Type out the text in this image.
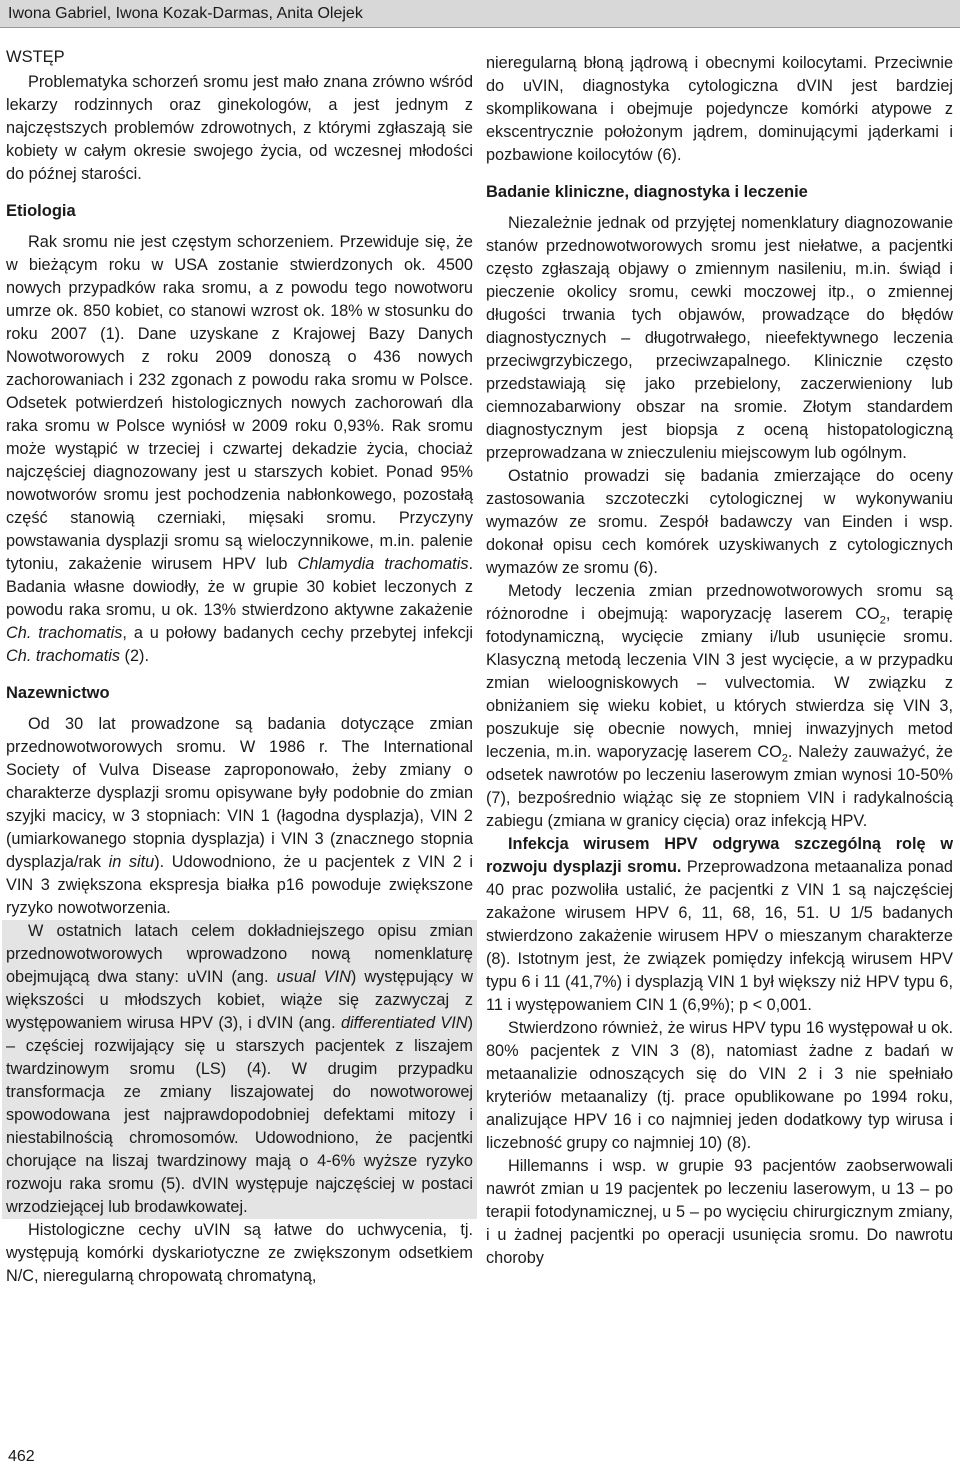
Iwona Gabriel, Iwona Kozak-Darmas, Anita Olejek
WSTĘP

Problematyka schorzeń sromu jest mało znana zrówno wśród lekarzy rodzinnych oraz ginekologów, a jest jednym z najczęstszych problemów zdrowotnych, z którymi zgłaszają sie kobiety w całym okresie swojego życia, od wczesnej młodości do późnej starości.

Etiologia

Rak sromu nie jest częstym schorzeniem. Przewiduje się, że w bieżącym roku w USA zostanie stwierdzonych ok. 4500 nowych przypadków raka sromu, a z powodu tego nowotworu umrze ok. 850 kobiet, co stanowi wzrost ok. 18% w stosunku do roku 2007 (1). Dane uzyskane z Krajowej Bazy Danych Nowotworowych z roku 2009 donoszą o 436 nowych zachorowaniach i 232 zgonach z powodu raka sromu w Polsce. Odsetek potwierdzeń histologicznych nowych zachorowań dla raka sromu w Polsce wyniósł w 2009 roku 0,93%. Rak sromu może wystąpić w trzeciej i czwartej dekadzie życia, chociaż najczęściej diagnozowany jest u starszych kobiet. Ponad 95% nowotworów sromu jest pochodzenia nabłonkowego, pozostałą część stanowią czerniaki, mięsaki sromu. Przyczyny powstawania dysplazji sromu są wieloczynnikowe, m.in. palenie tytoniu, zakażenie wirusem HPV lub Chlamydia trachomatis. Badania własne dowiodły, że w grupie 30 kobiet leczonych z powodu raka sromu, u ok. 13% stwierdzono aktywne zakażenie Ch. trachomatis, a u połowy badanych cechy przebytej infekcji Ch. trachomatis (2).

Nazewnictwo

Od 30 lat prowadzone są badania dotyczące zmian przednowotworowych sromu. W 1986 r. The International Society of Vulva Disease zaproponowało, żeby zmiany o charakterze dysplazji sromu opisywane były podobnie do zmian szyjki macicy, w 3 stopniach: VIN 1 (łagodna dysplazja), VIN 2 (umiarkowanego stopnia dysplazja) i VIN 3 (znacznego stopnia dysplazja/rak in situ). Udowodniono, że u pacjentek z VIN 2 i VIN 3 zwiększona ekspresja białka p16 powoduje zwiększone ryzyko nowotworzenia.

W ostatnich latach celem dokładniejszego opisu zmian przednowotworowych wprowadzono nową nomenklaturę obejmującą dwa stany: uVIN (ang. usual VIN) występujący w większości u młodszych kobiet, wiąże się zazwyczaj z występowaniem wirusa HPV (3), i dVIN (ang. differentiated VIN) – częściej rozwijający się u starszych pacjentek z liszajem twardzinowym sromu (LS) (4). W drugim przypadku transformacja ze zmiany liszajowatej do nowotworowej spowodowana jest najprawdopodobniej defektami mitozy i niestabilnością chromosomów. Udowodniono, że pacjentki chorujące na liszaj twardzinowy mają o 4-6% wyższe ryzyko rozwoju raka sromu (5). dVIN występuje najczęściej w postaci wrzodziejącej lub brodawkowatej.

Histologiczne cechy uVIN są łatwe do uchwycenia, tj. występują komórki dyskariotyczne ze zwiększonym odsetkiem N/C, nieregularną chropowatą chromatyną,

nieregularną błoną jądrową i obecnymi koilocytami. Przeciwnie do uVIN, diagnostyka cytologiczna dVIN jest bardziej skomplikowana i obejmuje pojedyncze komórki atypowe z ekscentrycznie położonym jądrem, dominującymi jąderkami i pozbawione koilocytów (6).

Badanie kliniczne, diagnostyka i leczenie

Niezależnie jednak od przyjętej nomenklatury diagnozowanie stanów przednowotworowych sromu jest niełatwe, a pacjentki często zgłaszają objawy o zmiennym nasileniu, m.in. świąd i pieczenie okolicy sromu, cewki moczowej itp., o zmiennej długości trwania tych objawów, prowadzące do błędów diagnostycznych – długotrwałego, nieefektywnego leczenia przeciwgrzybiczego, przeciwzapalnego. Klinicznie często przedstawiają się jako przebielony, zaczerwieniony lub ciemnozabarwiony obszar na sromie. Złotym standardem diagnostycznym jest biopsja z oceną histopatologiczną przeprowadzana w znieczuleniu miejscowym lub ogólnym.

Ostatnio prowadzi się badania zmierzające do oceny zastosowania szczoteczki cytologicznej w wykonywaniu wymazów ze sromu. Zespół badawczy van Einden i wsp. dokonał opisu cech komórek uzyskiwanych z cytologicznych wymazów ze sromu (6).

Metody leczenia zmian przednowotworowych sromu są różnorodne i obejmują: waporyzację laserem $CO_2$, terapię fotodynamiczną, wycięcie zmiany i/lub usunięcie sromu. Klasyczną metodą leczenia VIN 3 jest wycięcie, a w przypadku zmian wieloogniskowych – vulvectomia. W związku z obniżaniem się wieku kobiet, u których stwierdza się VIN 3, poszukuje się obecnie nowych, mniej inwazyjnych metod leczenia, m.in. waporyzację laserem $CO_2$. Należy zauważyć, że odsetek nawrotów po leczeniu laserowym zmian wynosi 10-50% (7), bezpośrednio wiążąc się ze stopniem VIN i radykalnością zabiegu (zmiana w granicy cięcia) oraz infekcją HPV.

Infekcja wirusem HPV odgrywa szczególną rolę w rozwoju dysplazji sromu. Przeprowadzona metaanaliza ponad 40 prac pozwoliła ustalić, że pacjentki z VIN 1 są najczęściej zakażone wirusem HPV 6, 11, 68, 16, 51. U 1/5 badanych stwierdzono zakażenie wirusem HPV o mieszanym charakterze (8). Istotnym jest, że związek pomiędzy infekcją wirusem HPV typu 6 i 11 (41,7%) i dysplazją VIN 1 był większy niż HPV typu 6, 11 i występowaniem CIN 1 (6,9%); p < 0,001.

Stwierdzono również, że wirus HPV typu 16 występował u ok. 80% pacjentek z VIN 3 (8), natomiast żadne z badań w metaanalizie odnoszących się do VIN 2 i 3 nie spełniało kryteriów metaanalizy (tj. prace opublikowane po 1994 roku, analizujące HPV 16 i co najmniej jeden dodatkowy typ wirusa i liczebność grupy co najmniej 10) (8).

Hillemanns i wsp. w grupie 93 pacjentów zaobserwowali nawrót zmian u 19 pacjentek po leczeniu laserowym, u 13 – po terapii fotodynamicznej, u 5 – po wycięciu chirurgicznym zmiany, i u żadnej pacjentki po operacji usunięcia sromu. Do nawrotu choroby

462
